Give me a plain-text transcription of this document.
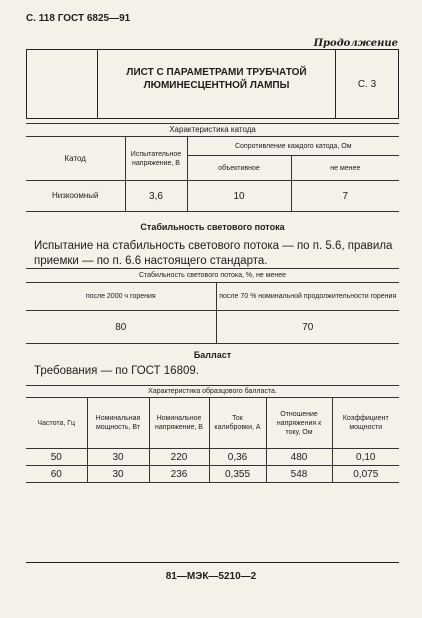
С. 118 ГОСТ 6825—91
Продолжение
ЛИСТ С ПАРАМЕТРАМИ ТРУБЧАТОЙ
ЛЮМИНЕСЦЕНТНОЙ ЛАМПЫ	С. 3
Характеристика катода			
Катод	Испытательное напряжение, В	Сопротивление каждого катода, Ом	
		объективное	не менее
Низкоомный	3,6	10	7
Стабильность светового потока
Испытание на стабильность светового потока — по п. 5.6, правила приемки — по п. 6.6 настоящего стандарта.
Стабильность светового потока, %, не менее	
после 2000 ч горения	после 70 % номинальной продолжительности горения
80	70
Балласт
Требования — по ГОСТ 16809.
Характеристика образцового балласта.					
Частота, Гц	Номинальная мощность, Вт	Номинальное напряжение, В	Ток калибровки, А	Отношение напряжения к току, Ом	Коэффициент мощности
50	30	220	0,36	480	0,10
60	30	236	0,355	548	0,075
81—МЭК—5210—2
